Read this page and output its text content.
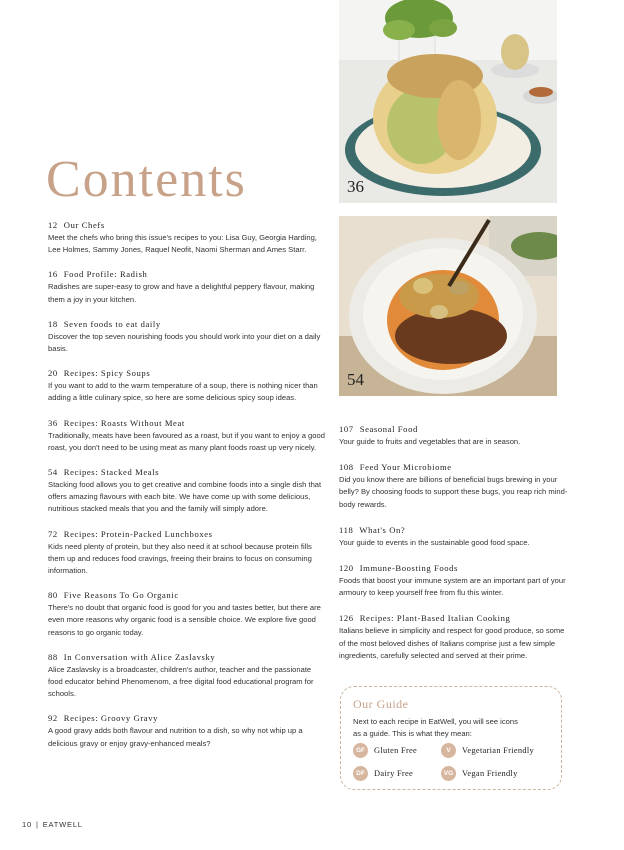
36
54
Contents
12 Our Chefs
Meet the chefs who bring this issue's recipes to you: Lisa Guy, Georgia Harding, Lee Holmes, Sammy Jones, Raquel Neofit, Naomi Sherman and Ames Starr.
16 Food Profile: Radish
Radishes are super-easy to grow and have a delightful peppery flavour, making them a joy in your kitchen.
18 Seven foods to eat daily
Discover the top seven nourishing foods you should work into your diet on a daily basis.
20 Recipes: Spicy Soups
If you want to add to the warm temperature of a soup, there is nothing nicer than adding a little culinary spice, so here are some delicious spicy soup ideas.
36 Recipes: Roasts Without Meat
Traditionally, meats have been favoured as a roast, but if you want to enjoy a good roast, you don't need to be using meat as many plant foods roast up very nicely.
54 Recipes: Stacked Meals
Stacking food allows you to get creative and combine foods into a single dish that offers amazing flavours with each bite. We have come up with some delicious, nutritious stacked meals that you and the family will simply adore.
72 Recipes: Protein-Packed Lunchboxes
Kids need plenty of protein, but they also need it at school because protein fills them up and reduces food cravings, freeing their brains to focus on consuming information.
80 Five Reasons To Go Organic
There's no doubt that organic food is good for you and tastes better, but there are even more reasons why organic food is a sensible choice. We explore five good reasons to go organic today.
88 In Conversation with Alice Zaslavsky
Alice Zaslavsky is a broadcaster, children's author, teacher and the passionate food educator behind Phenomenom, a free digital food educational program for schools.
92 Recipes: Groovy Gravy
A good gravy adds both flavour and nutrition to a dish, so why not whip up a delicious gravy or enjoy gravy-enhanced meals?
107 Seasonal Food
Your guide to fruits and vegetables that are in season.
108 Feed Your Microbiome
Did you know there are billions of beneficial bugs brewing in your belly? By choosing foods to support these bugs, you reap rich mind-body rewards.
118 What's On?
Your guide to events in the sustainable good food space.
120 Immune-Boosting Foods
Foods that boost your immune system are an important part of your armoury to keep yourself free from flu this winter.
126 Recipes: Plant-Based Italian Cooking
Italians believe in simplicity and respect for good produce, so some of the most beloved dishes of Italians comprise just a few simple ingredients, carefully selected and served at their prime.
Our Guide
Next to each recipe in EatWell, you will see icons as a guide. This is what they mean:
GF	Gluten Free	V	Vegetarian Friendly
DF	Dairy Free	VG	Vegan Friendly
10 | EATWELL
